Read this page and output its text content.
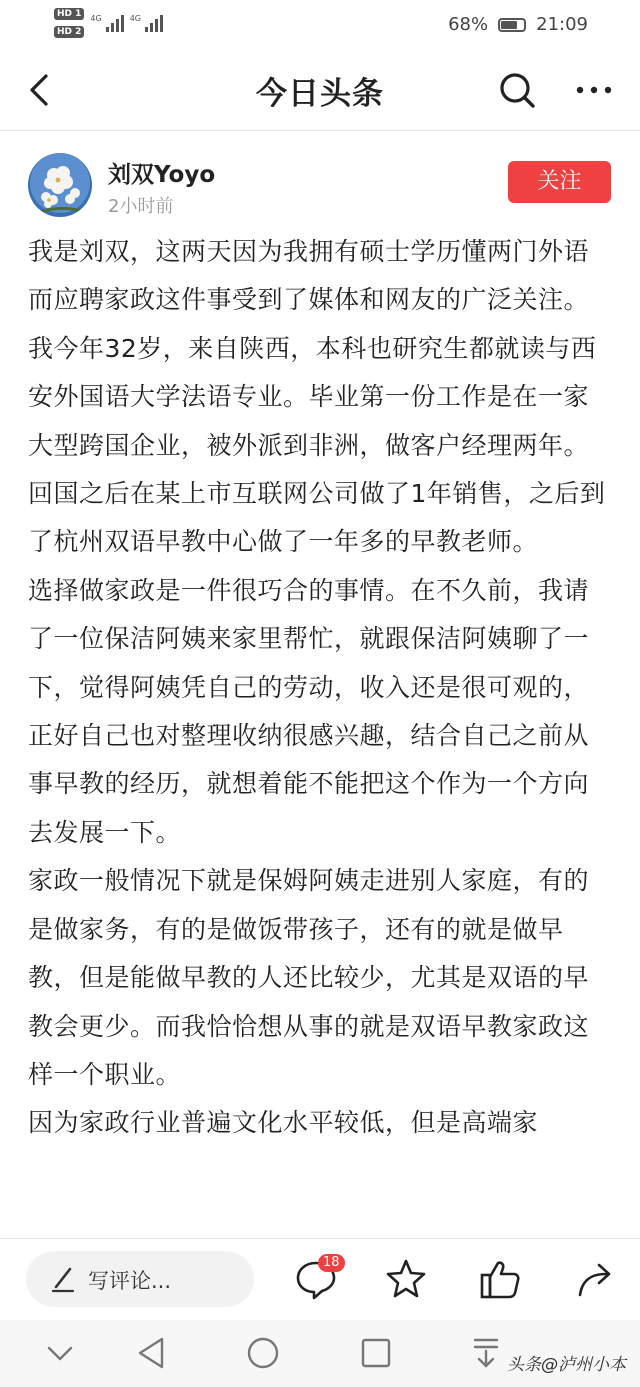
HD 1
HD 2
4G	4G	68%	21:09
今日头条
刘双Yoyo
2小时前
关注

我是刘双，这两天因为我拥有硕士学历懂两门外语而应聘家政这件事受到了媒体和网友的广泛关注。

我今年32岁，来自陕西，本科也研究生都就读与西安外国语大学法语专业。毕业第一份工作是在一家大型跨国企业，被外派到非洲，做客户经理两年。回国之后在某上市互联网公司做了1年销售，之后到了杭州双语早教中心做了一年多的早教老师。

选择做家政是一件很巧合的事情。在不久前，我请了一位保洁阿姨来家里帮忙，就跟保洁阿姨聊了一下，觉得阿姨凭自己的劳动，收入还是很可观的，正好自己也对整理收纳很感兴趣，结合自己之前从事早教的经历，就想着能不能把这个作为一个方向去发展一下。

家政一般情况下就是保姆阿姨走进别人家庭，有的是做家务，有的是做饭带孩子，还有的就是做早教，但是能做早教的人还比较少，尤其是双语的早教会更少。而我恰恰想从事的就是双语早教家政这样一个职业。

因为家政行业普遍文化水平较低，但是高端家

写评论...
18
头条@泸州小本
